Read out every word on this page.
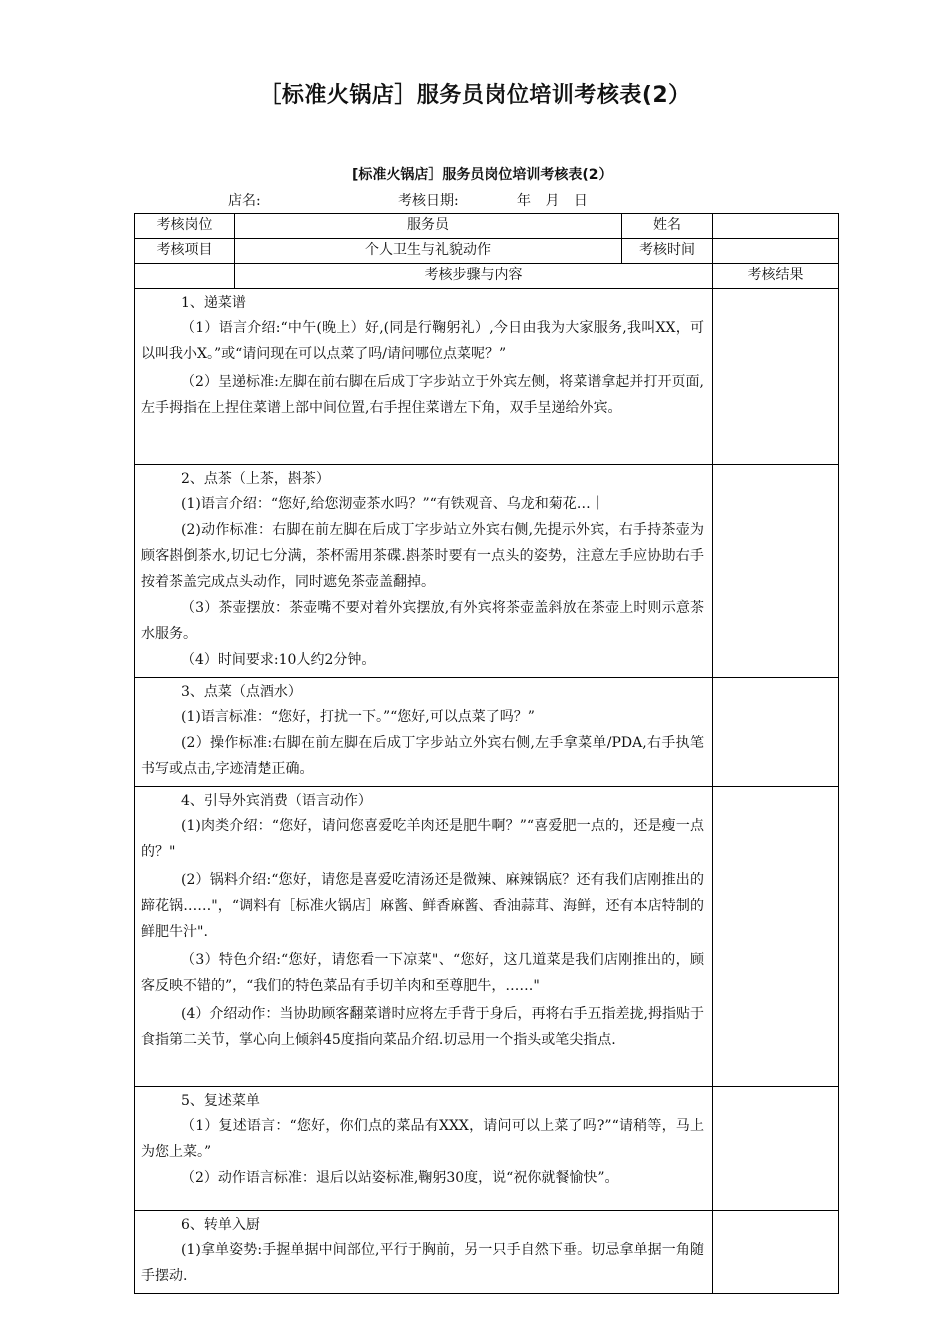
［标准火锅店］服务员岗位培训考核表(2）
[标准火锅店］服务员岗位培训考核表(2）
店名:	考核日期:	年 月 日
考核岗位	服务员	姓名	
考核项目	个人卫生与礼貌动作	考核时间	
	考核步骤与内容		考核结果

1、递菜谱

（1）语言介绍:“中午(晚上）好,(同是行鞠躬礼）,今日由我为大家服务,我叫XX，可以叫我小X。”或“请问现在可以点菜了吗/请问哪位点菜呢？”

（2）呈递标准:左脚在前右脚在后成丁字步站立于外宾左侧，将菜谱拿起并打开页面,左手拇指在上捏住菜谱上部中间位置,右手捏住菜谱左下角，双手呈递给外宾。			

2、点茶（上茶，斟茶）

(1)语言介绍：“您好,给您沏壶茶水吗？”“有铁观音、乌龙和菊花…｜

(2)动作标准：右脚在前左脚在后成丁字步站立外宾右侧,先提示外宾，右手持茶壶为顾客斟倒茶水,切记七分满，茶杯需用茶碟.斟茶时要有一点头的姿势，注意左手应协助右手按着茶盖完成点头动作，同时遮免茶壶盖翻掉。

（3）茶壶摆放：茶壶嘴不要对着外宾摆放,有外宾将茶壶盖斜放在茶壶上时则示意茶水服务。

（4）时间要求:10人约2分钟。			

3、点菜（点酒水）

(1)语言标准：“您好，打扰一下。”“您好,可以点菜了吗？”

(2）操作标准:右脚在前左脚在后成丁字步站立外宾右侧,左手拿菜单/PDA,右手执笔书写或点击,字迹清楚正确。			

4、引导外宾消费（语言动作）

(1)肉类介绍：“您好，请问您喜爱吃羊肉还是肥牛啊？”“喜爱肥一点的，还是瘦一点的？"

(2）锅料介绍:“您好，请您是喜爱吃清汤还是微辣、麻辣锅底？还有我们店刚推出的蹄花锅……"，“调料有［标准火锅店］麻酱、鲜香麻酱、香油蒜茸、海鲜，还有本店特制的鲜肥牛汁".

（3）特色介绍:“您好，请您看一下凉菜"、“您好，这几道菜是我们店刚推出的，顾客反映不错的”，“我们的特色菜品有手切羊肉和至尊肥牛，……"

(4）介绍动作：当协助顾客翻菜谱时应将左手背于身后，再将右手五指差拢,拇指贴于食指第二关节，掌心向上倾斜45度指向菜品介绍.切忌用一个指头或笔尖指点.			

5、复述菜单

（1）复述语言：“您好，你们点的菜品有XXX，请问可以上菜了吗?”“请稍等，马上为您上菜。”

（2）动作语言标准：退后以站姿标准,鞠躬30度，说“祝你就餐愉快”。			

6、转单入厨

(1)拿单姿势:手握单据中间部位,平行于胸前，另一只手自然下垂。切忌拿单据一角随手摆动.			
